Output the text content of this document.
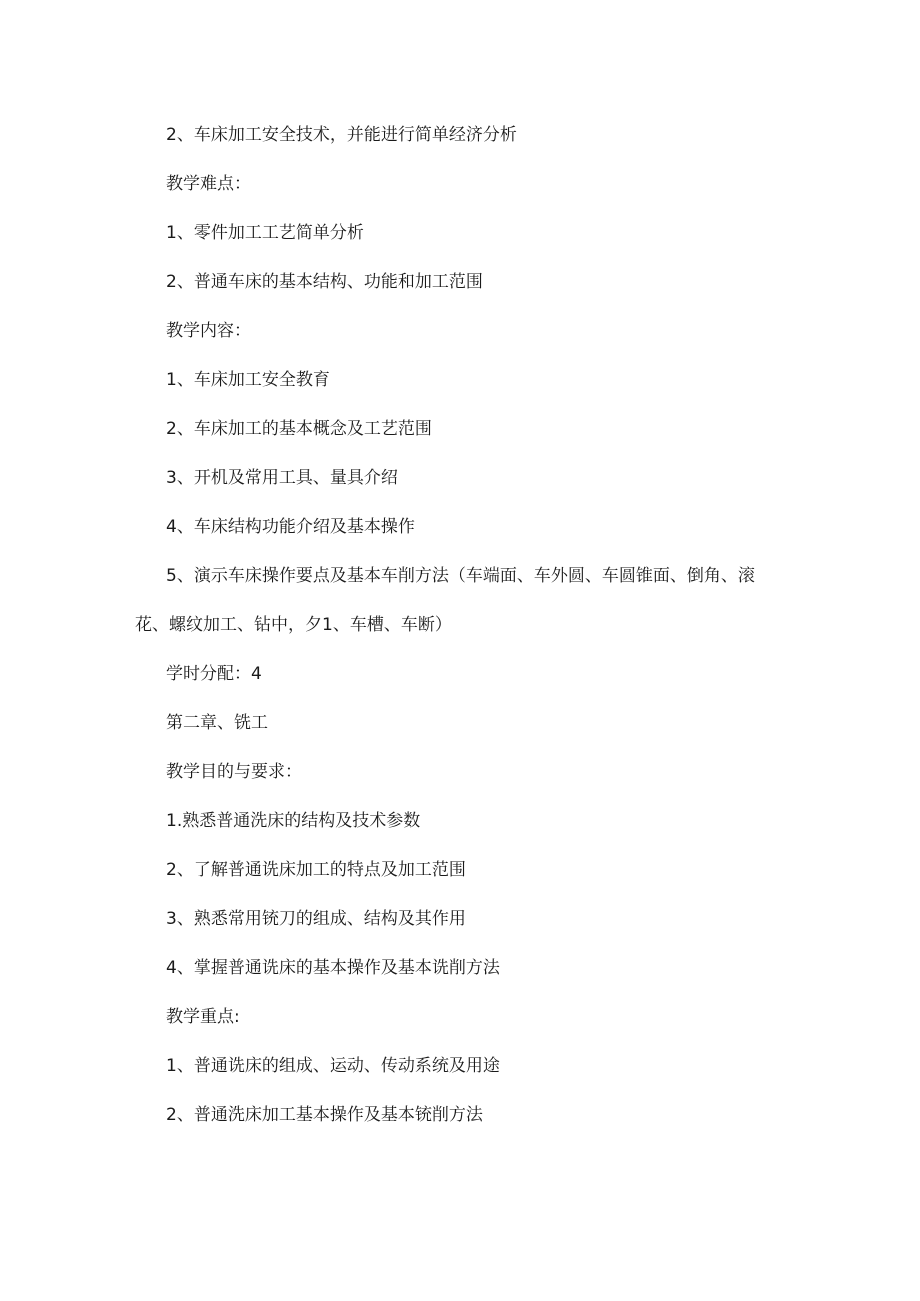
2、车床加工安全技术，并能进行简单经济分析
教学难点：
1、零件加工工艺简单分析
2、普通车床的基本结构、功能和加工范围
教学内容：
1、车床加工安全教育
2、车床加工的基本概念及工艺范围
3、开机及常用工具、量具介绍
4、车床结构功能介绍及基本操作
5、演示车床操作要点及基本车削方法（车端面、车外圆、车圆锥面、倒角、滚
花、螺纹加工、钻中，夕1、车槽、车断）
学时分配：4
第二章、铣工
教学目的与要求：
1.熟悉普通洗床的结构及技术参数
2、了解普通诜床加工的特点及加工范围
3、熟悉常用铳刀的组成、结构及其作用
4、掌握普通诜床的基本操作及基本诜削方法
教学重点:
1、普通诜床的组成、运动、传动系统及用途
2、普通洗床加工基本操作及基本铳削方法
